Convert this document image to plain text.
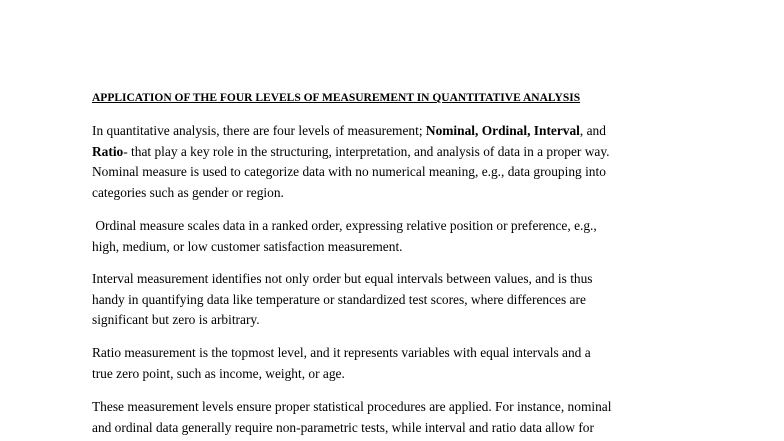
APPLICATION OF THE FOUR LEVELS OF MEASUREMENT IN QUANTITATIVE ANALYSIS

In quantitative analysis, there are four levels of measurement; Nominal, Ordinal, Interval, and
Ratio- that play a key role in the structuring, interpretation, and analysis of data in a proper way.
Nominal measure is used to categorize data with no numerical meaning, e.g., data grouping into
categories such as gender or region.

Ordinal measure scales data in a ranked order, expressing relative position or preference, e.g.,
high, medium, or low customer satisfaction measurement.

Interval measurement identifies not only order but equal intervals between values, and is thus
handy in quantifying data like temperature or standardized test scores, where differences are
significant but zero is arbitrary.

Ratio measurement is the topmost level, and it represents variables with equal intervals and a
true zero point, such as income, weight, or age.

These measurement levels ensure proper statistical procedures are applied. For instance, nominal
and ordinal data generally require non-parametric tests, while interval and ratio data allow for
